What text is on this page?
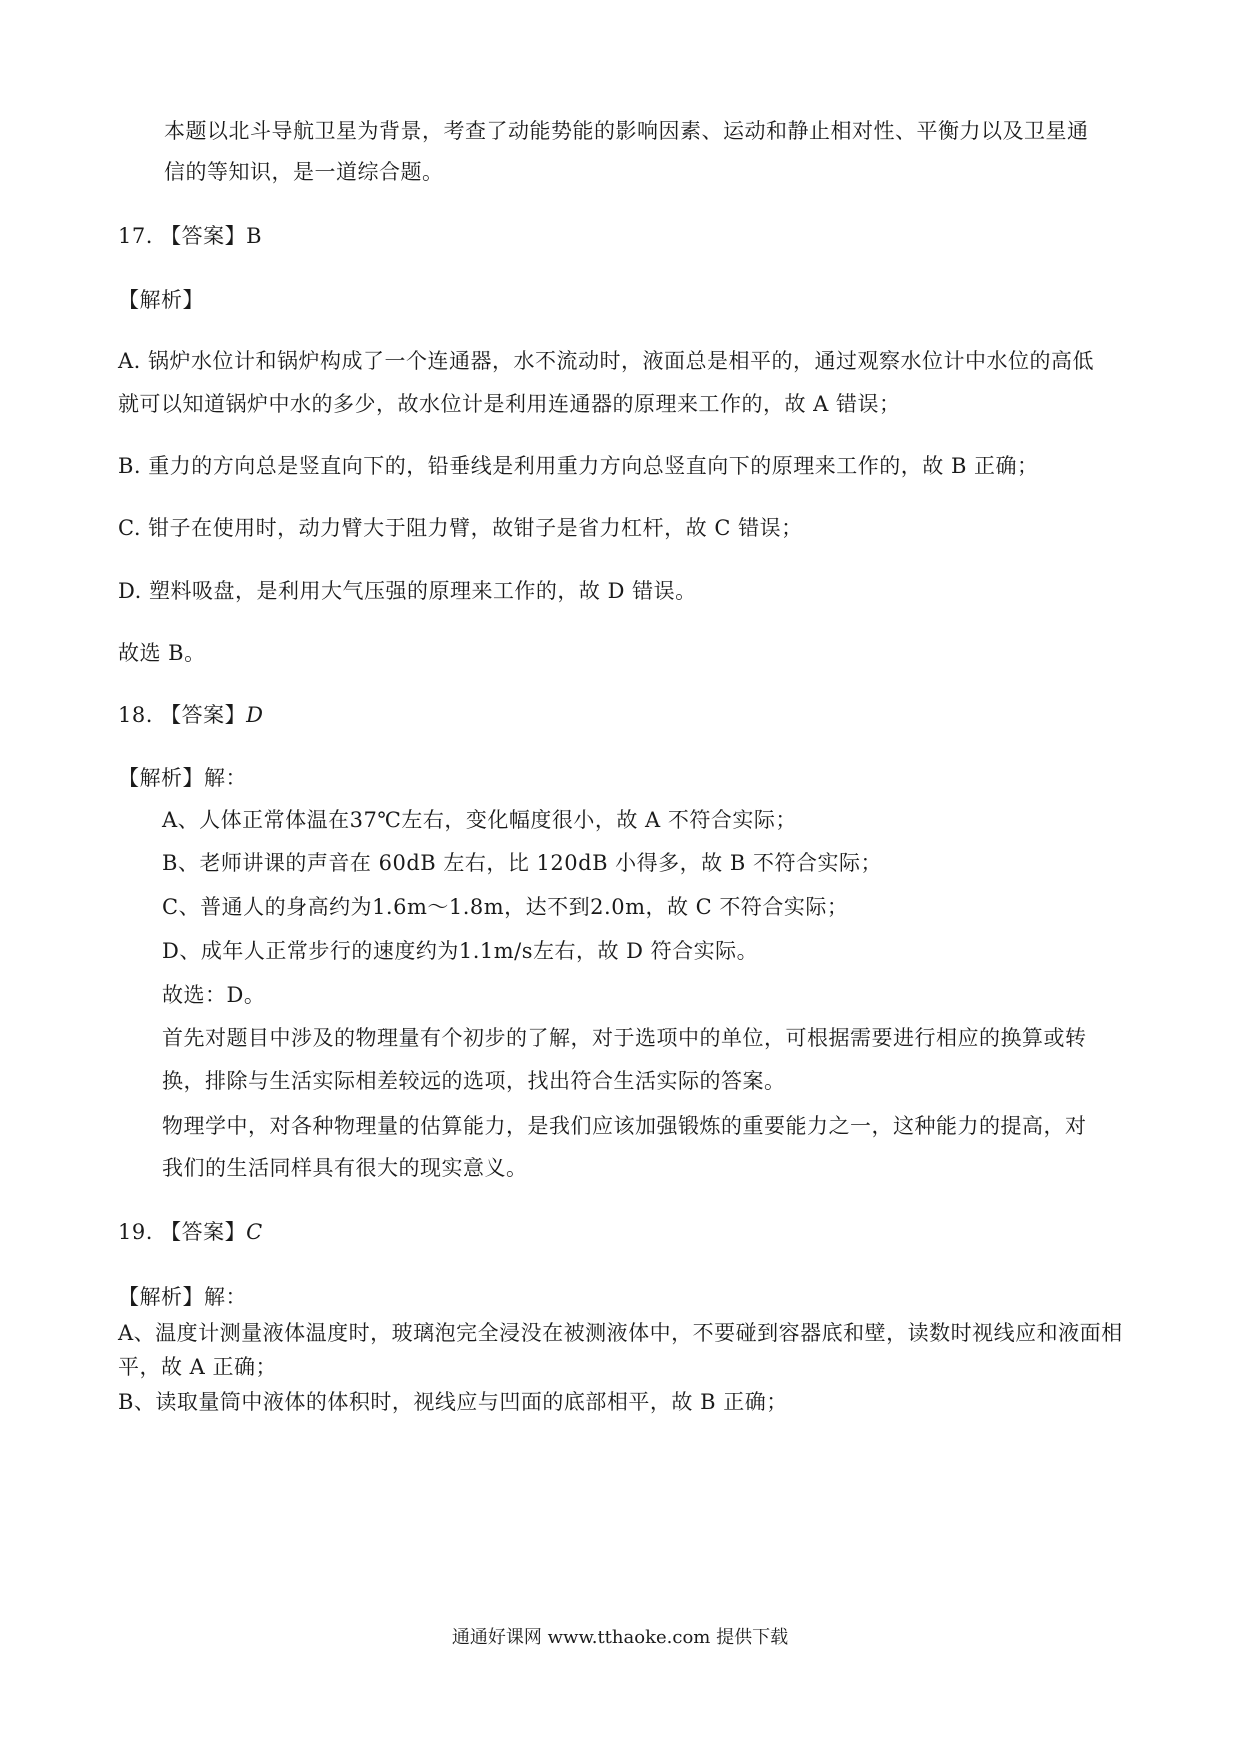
本题以北斗导航卫星为背景，考查了动能势能的影响因素、运动和静止相对性、平衡力以及卫星通
信的等知识，是一道综合题。
17. 【答案】B
【解析】
A. 锅炉水位计和锅炉构成了一个连通器，水不流动时，液面总是相平的，通过观察水位计中水位的高低
就可以知道锅炉中水的多少，故水位计是利用连通器的原理来工作的，故 A 错误；
B. 重力的方向总是竖直向下的，铅垂线是利用重力方向总竖直向下的原理来工作的，故 B 正确；
C. 钳子在使用时，动力臂大于阻力臂，故钳子是省力杠杆，故 C 错误；
D. 塑料吸盘，是利用大气压强的原理来工作的，故 D 错误。
故选 B。
18. 【答案】D
【解析】解：
A、人体正常体温在37℃左右，变化幅度很小，故 A 不符合实际；
B、老师讲课的声音在 60dB 左右，比 120dB 小得多，故 B 不符合实际；
C、普通人的身高约为1.6m～1.8m，达不到2.0m，故 C 不符合实际；
D、成年人正常步行的速度约为1.1m/s左右，故 D 符合实际。
故选：D。
首先对题目中涉及的物理量有个初步的了解，对于选项中的单位，可根据需要进行相应的换算或转
换，排除与生活实际相差较远的选项，找出符合生活实际的答案。
物理学中，对各种物理量的估算能力，是我们应该加强锻炼的重要能力之一，这种能力的提高，对
我们的生活同样具有很大的现实意义。
19. 【答案】C
【解析】解：
A、温度计测量液体温度时，玻璃泡完全浸没在被测液体中，不要碰到容器底和壁，读数时视线应和液面相
平，故 A 正确；
B、读取量筒中液体的体积时，视线应与凹面的底部相平，故 B 正确；
通通好课网 www.tthaoke.com 提供下载
